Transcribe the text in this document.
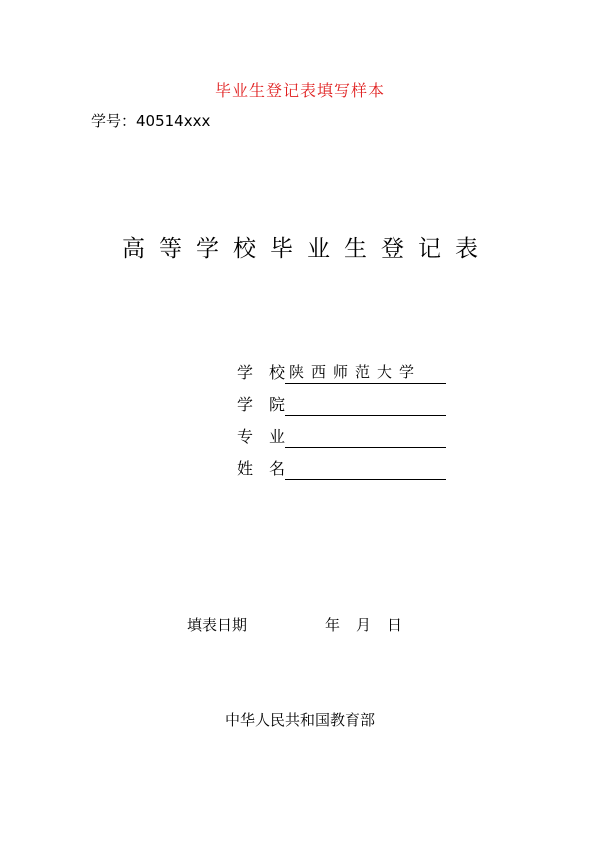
毕业生登记表填写样本
学号：40514xxx
高等学校毕业生登记表
学校
陕西师范大学
学院
专业
姓名
填表日期	年 月 日
中华人民共和国教育部
